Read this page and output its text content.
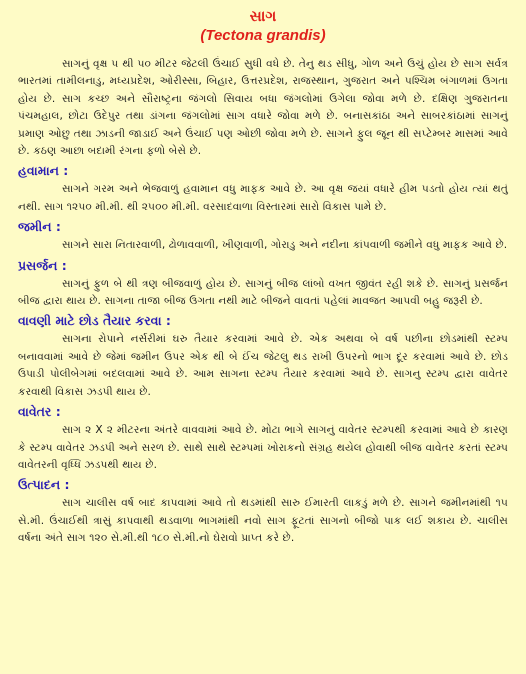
સાગ
(Tectona grandis)

સાગનું વૃક્ષ ૫ થી ૫૦ મીટર જેટલી ઉંચાઈ સુધી વધે છે. તેનુ થડ સીધુ, ગોળ અને ઉચું હોય છે સાગ સર્વત્ર ભારતમાં તામીલનાડુ, મધ્યપ્રદેશ, ઓરીસ્સા, બિહાર, ઉત્તરપ્રદેશ, રાજસ્થાન, ગુજરાત અને પશ્ચિમ બંગાળમાં ઉગતા હોય છે. સાગ કચ્છ અને સૌરાષ્ટ્રના જંગલો સિવાય બધા જંગલોમાં ઉગેલા જોવા મળે છે. દક્ષિણ ગુજરાતના પંચમહાલ, છોટા ઉદેપુર તથા ડાંગના જંગલોમાં સાગ વધારે જોવા મળે છે. બનાસકાંઠા અને સાબરકાંઠામાં સાગનું પ્રમાણ ઓછુ તથા ઝાડની જાડાઈ અને ઉંચાઈ પણ ઓછી જોવા મળે છે. સાગને ફુલ જૂન થી સપ્ટેમ્બર માસમાં આવે છે. કઠણ આછા બદામી રંગના ફળો બેસે છે.

હવામાન :

સાગને ગરમ અને ભેજવાળું હવામાન વધુ માફક આવે છે. આ વૃક્ષ જયાં વધારે હીમ પડતો હોય ત્યાં થતું નથી. સાગ ૧૨૫૦ મી.મી. થી ૨૫૦૦ મી.મી. વરસાદવાળા વિસ્તારમાં સારો વિકાસ પામે છે.

જમીન :

સાગને સારા નિતારવાળી, ઢોળાવવાળી, ખીણવાળી, ગોરાડુ અને નદીના કાંપવાળી જમીને વધુ માફક આવે છે.

પ્રસર્જન :

સાગનું ફુળ બે થી ત્રણ બીજવાળું હોય છે. સાગનું બીજ લાંબો વખત જીવંત રહી શકે છે. સાગનું પ્રસર્જન બીજ દ્વારા થાય છે. સાગના તાજા બીજ ઉગતા નથી માટે બીજને વાવતાં પહેલાં માવજત આપવી બહુ જરૂરી છે.

વાવણી માટે છોડ તૈયાર કરવા :

સાગના રોપાને નર્સરીમાં ઘરુ તૈયાર કરવામાં આવે છે. એક અથવા બે વર્ષ પછીના છોડમાંથી સ્ટમ્પ બનાવવામાં આવે છે જેમાં જમીન ઉપર એક થી બે ઈંચ જેટલુ થડ રાખી ઉપરનો ભાગ દૂર કરવામાં આવે છે. છોડ ઉપાડી પોલીબેગમાં બદલવામાં આવે છે. આમ સાગના સ્ટમ્પ તૈયાર કરવામાં આવે છે. સાગનુ સ્ટમ્પ દ્વારા વાવેતર કરવાથી વિકાસ ઝડપી થાય છે.

વાવેતર :

સાગ ૨ X ૨ મીટરના અંતરે વાવવામાં આવે છે. મોટા ભાગે સાગનું વાવેતર સ્ટમ્પથી કરવામાં આવે છે કારણ કે સ્ટમ્પ વાવેતર ઝડપી અને સરળ છે. સાથે સાથે સ્ટમ્પમાં ખોરાકનો સંગ્રહ થયેલ હોવાથી બીજ વાવેતર કરતાં સ્ટમ્પ વાવેતરની વૃધ્ધિ ઝડપથી થાય છે.

ઉત્પાદન :

સાગ ચાલીસ વર્ષ બાદ કાપવામાં આવે તો થડમાંથી સારુ ઈમારતી લાકડું મળે છે. સાગને જમીનમાંથી ૧૫ સે.મી. ઉંચાઈથી ત્રાસું કાપવાથી થડવાળા ભાગમાંથી નવો સાગ ફૂટતાં સાગનો બીજો પાક લઈ શકાય છે. ચાલીસ વર્ષના અંતે સાગ ૧૨૦ સે.મી.થી ૧૮૦ સે.મી.નો ઘેરાવો પ્રાપ્ત કરે છે.
